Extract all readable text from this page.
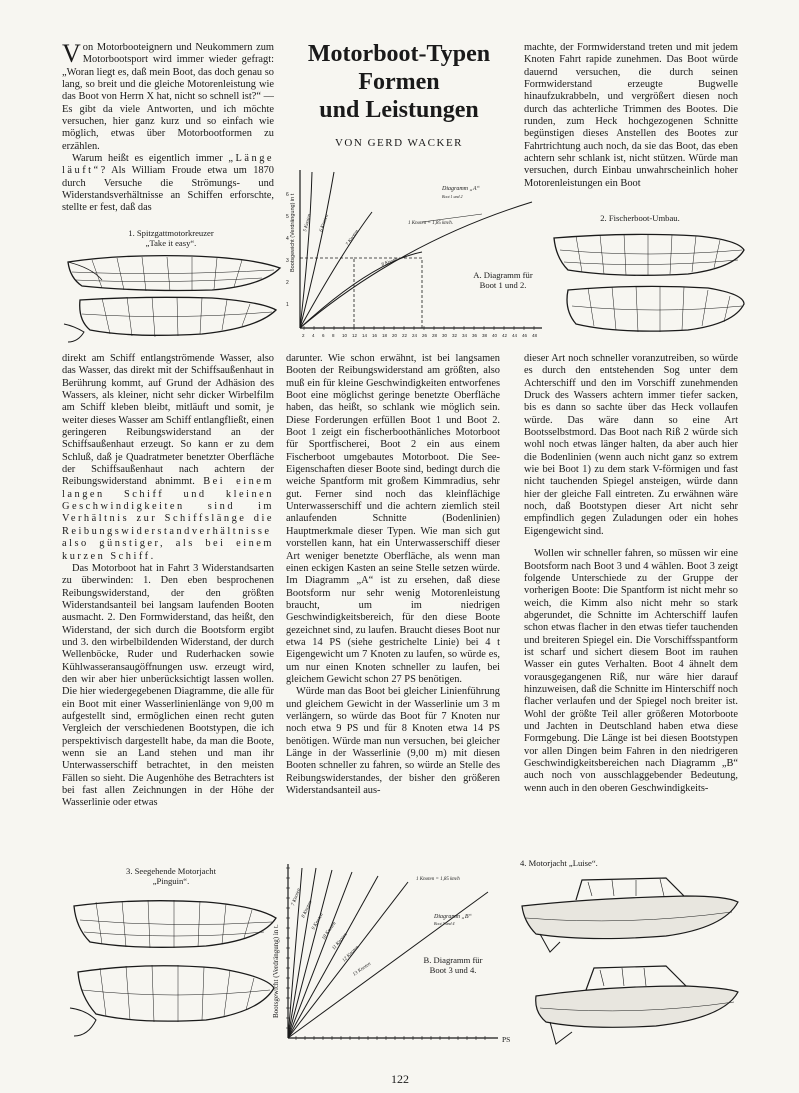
Motorboot-Typen
Formen
und Leistungen
VON GERD WACKER

Von Motorbooteignern und Neukommern zum Motorbootsport wird immer wieder gefragt: „Woran liegt es, daß mein Boot, das doch genau so lang, so breit und die gleiche Motorenleistung wie das Boot von Herrn X hat, nicht so schnell ist?“ — Es gibt da viele Antworten, und ich möchte versuchen, hier ganz kurz und so einfach wie möglich, etwas über Motorbootformen zu erzählen.

Warum heißt es eigentlich immer „Länge läuft“? Als William Froude etwa um 1870 durch Versuche die Strömungs- und Widerstandsverhältnisse an Schiffen erforschte, stellte er fest, daß das

machte, der Formwiderstand treten und mit jedem Knoten Fahrt rapide zunehmen. Das Boot würde dauernd versuchen, die durch seinen Formwiderstand erzeugte Bugwelle hinaufzukrabbeln, und vergrößert diesen noch durch das achterliche Trimmen des Bootes. Die runden, zum Heck hochgezogenen Schnitte begünstigen dieses Anstellen des Bootes zur Fahrtrichtung auch noch, da sie das Boot, das eben achtern sehr schlank ist, nicht stützen. Würde man versuchen, durch Einbau unwahrscheinlich hoher Motorenleistungen ein Boot

1. Spitzgattmotorkreuzer
„Take it easy“.
2. Fischerboot-Umbau.
1
2
3
4
5
6
2 4 6 8 10 12 14 16 18 20 22 24 26 28 30 32 34 36 38 40 42 44 46 48
Bootsgewicht (Verdrängung) in t
Diagramm „A“
Boot 1 und 2
1 Knoten = 1,85 km/h.
5 Knoten 6 Knoten
7 Knoten
8 Knoten
A. Diagramm für
Boot 1 und 2.

direkt am Schiff entlangströmende Wasser, also das Wasser, das direkt mit der Schiffsaußenhaut in Berührung kommt, auf Grund der Adhäsion des Wassers, als kleiner, nicht sehr dicker Wirbelfilm am Schiff kleben bleibt, mitläuft und somit, je weiter dieses Wasser am Schiff entlangfließt, einen geringeren Reibungswiderstand an der Schiffsaußenhaut erzeugt. So kann er zu dem Schluß, daß je Quadratmeter benetzter Oberfläche der Schiffsaußenhaut nach achtern der Reibungswiderstand abnimmt. Bei einem langen Schiff und kleinen Geschwindigkeiten sind im Verhältnis zur Schiffslänge die Reibungswiderstandverhältnisse also günstiger, als bei einem kurzen Schiff.

Das Motorboot hat in Fahrt 3 Widerstandsarten zu überwinden: 1. Den eben besprochenen Reibungswiderstand, der den größten Widerstandsanteil bei langsam laufenden Booten ausmacht. 2. Den Formwiderstand, das heißt, den Widerstand, der sich durch die Bootsform ergibt und 3. den wirbelbildenden Widerstand, der durch Wellenböcke, Ruder und Ruderhacken sowie Kühlwasseransaugöffnungen usw. erzeugt wird, den wir aber hier unberücksichtigt lassen wollen. Die hier wiedergegebenen Diagramme, die alle für ein Boot mit einer Wasserlinienlänge von 9,00 m aufgestellt sind, ermöglichen einen recht guten Vergleich der verschiedenen Bootstypen, die ich perspektivisch dargestellt habe, da man die Boote, wenn sie an Land stehen und man ihr Unterwasserschiff betrachtet, in den meisten Fällen so sieht. Die Augenhöhe des Betrachters ist bei fast allen Zeichnungen in der Höhe der Wasserlinie oder etwas

darunter. Wie schon erwähnt, ist bei langsamen Booten der Reibungswiderstand am größten, also muß ein für kleine Geschwindigkeiten entworfenes Boot eine möglichst geringe benetzte Oberfläche haben, das heißt, so schlank wie möglich sein. Diese Forderungen erfüllen Boot 1 und Boot 2. Boot 1 zeigt ein fischerboothänliches Motorboot für Sportfischerei, Boot 2 ein aus einem Fischerboot umgebautes Motorboot. Die See-Eigenschaften dieser Boote sind, bedingt durch die weiche Spantform mit großem Kimmradius, sehr gut. Ferner sind noch das kleinflächige Unterwasserschiff und die achtern ziemlich steil anlaufenden Schnitte (Bodenlinien) Hauptmerkmale dieser Typen. Wie man sich gut vorstellen kann, hat ein Unterwasserschiff dieser Art weniger benetzte Oberfläche, als wenn man einen eckigen Kasten an seine Stelle setzen würde. Im Diagramm „A“ ist zu ersehen, daß diese Bootsform nur sehr wenig Motorenleistung braucht, um im niedrigen Geschwindigkeitsbereich, für den diese Boote gezeichnet sind, zu laufen. Braucht dieses Boot nur etwa 14 PS (siehe gestrichelte Linie) bei 4 t Eigengewicht um 7 Knoten zu laufen, so würde es, um nur einen Knoten schneller zu laufen, bei gleichem Gewicht schon 27 PS benötigen.

Würde man das Boot bei gleicher Linienführung und gleichem Gewicht in der Wasserlinie um 3 m verlängern, so würde das Boot für 7 Knoten nur noch etwa 9 PS und für 8 Knoten etwa 14 PS benötigen. Würde man nun versuchen, bei gleicher Länge in der Wasserlinie (9,00 m) mit diesen Booten schneller zu fahren, so würde an Stelle des Reibungswiderstandes, der bisher den größeren Widerstandsanteil aus-

dieser Art noch schneller voranzutreiben, so würde es durch den entstehenden Sog unter dem Achterschiff und den im Vorschiff zunehmenden Druck des Wassers achtern immer tiefer sacken, bis es dann so sachte über das Heck vollaufen würde. Das wäre dann so eine Art Bootsselbstmord. Das Boot nach Riß 2 würde sich wohl noch etwas länger halten, da aber auch hier die Bodenlinien (wenn auch nicht ganz so extrem wie bei Boot 1) zu dem stark V-förmigen und fast nicht tauchenden Spiegel ansteigen, würde dann hier der gleiche Fall eintreten. Zu erwähnen wäre noch, daß Bootstypen dieser Art nicht sehr empfindlich gegen Zuladungen oder ein hohes Eigengewicht sind.

Wollen wir schneller fahren, so müssen wir eine Bootsform nach Boot 3 und 4 wählen. Boot 3 zeigt folgende Unterschiede zu der Gruppe der vorherigen Boote: Die Spantform ist nicht mehr so weich, die Kimm also nicht mehr so stark abgerundet, die Schnitte im Achterschiff laufen schon etwas flacher in den etwas tiefer tauchenden und breiteren Spiegel ein. Die Vorschiffsspantform ist scharf und sichert diesem Boot im rauhen Wasser ein gutes Verhalten. Boot 4 ähnelt dem vorausgegangenen Riß, nur wäre hier darauf hinzuweisen, daß die Schnitte im Hinterschiff noch flacher verlaufen und der Spiegel noch breiter ist. Wohl der größte Teil aller größeren Motorboote und Jachten in Deutschland haben etwa diese Formgebung. Die Länge ist bei diesen Bootstypen vor allen Dingen beim Fahren in den niedrigeren Geschwindigkeitsbereichen nach Diagramm „B“ auch noch von ausschlaggebender Bedeutung, wenn auch in den oberen Geschwindigkeits-

3. Seegehende Motorjacht
„Pinguin“.
Bootsgewicht (Verdrängung) in t.
PS
Diagramm „B“
Boot 3 und 4
1 Knoten = 1,85 km/h
7 Knoten
8 Knoten
9 Knoten
10 Knoten
11 Knoten
12 Knoten
13 Knoten
B. Diagramm für
Boot 3 und 4.
4. Motorjacht „Luise“.
122
